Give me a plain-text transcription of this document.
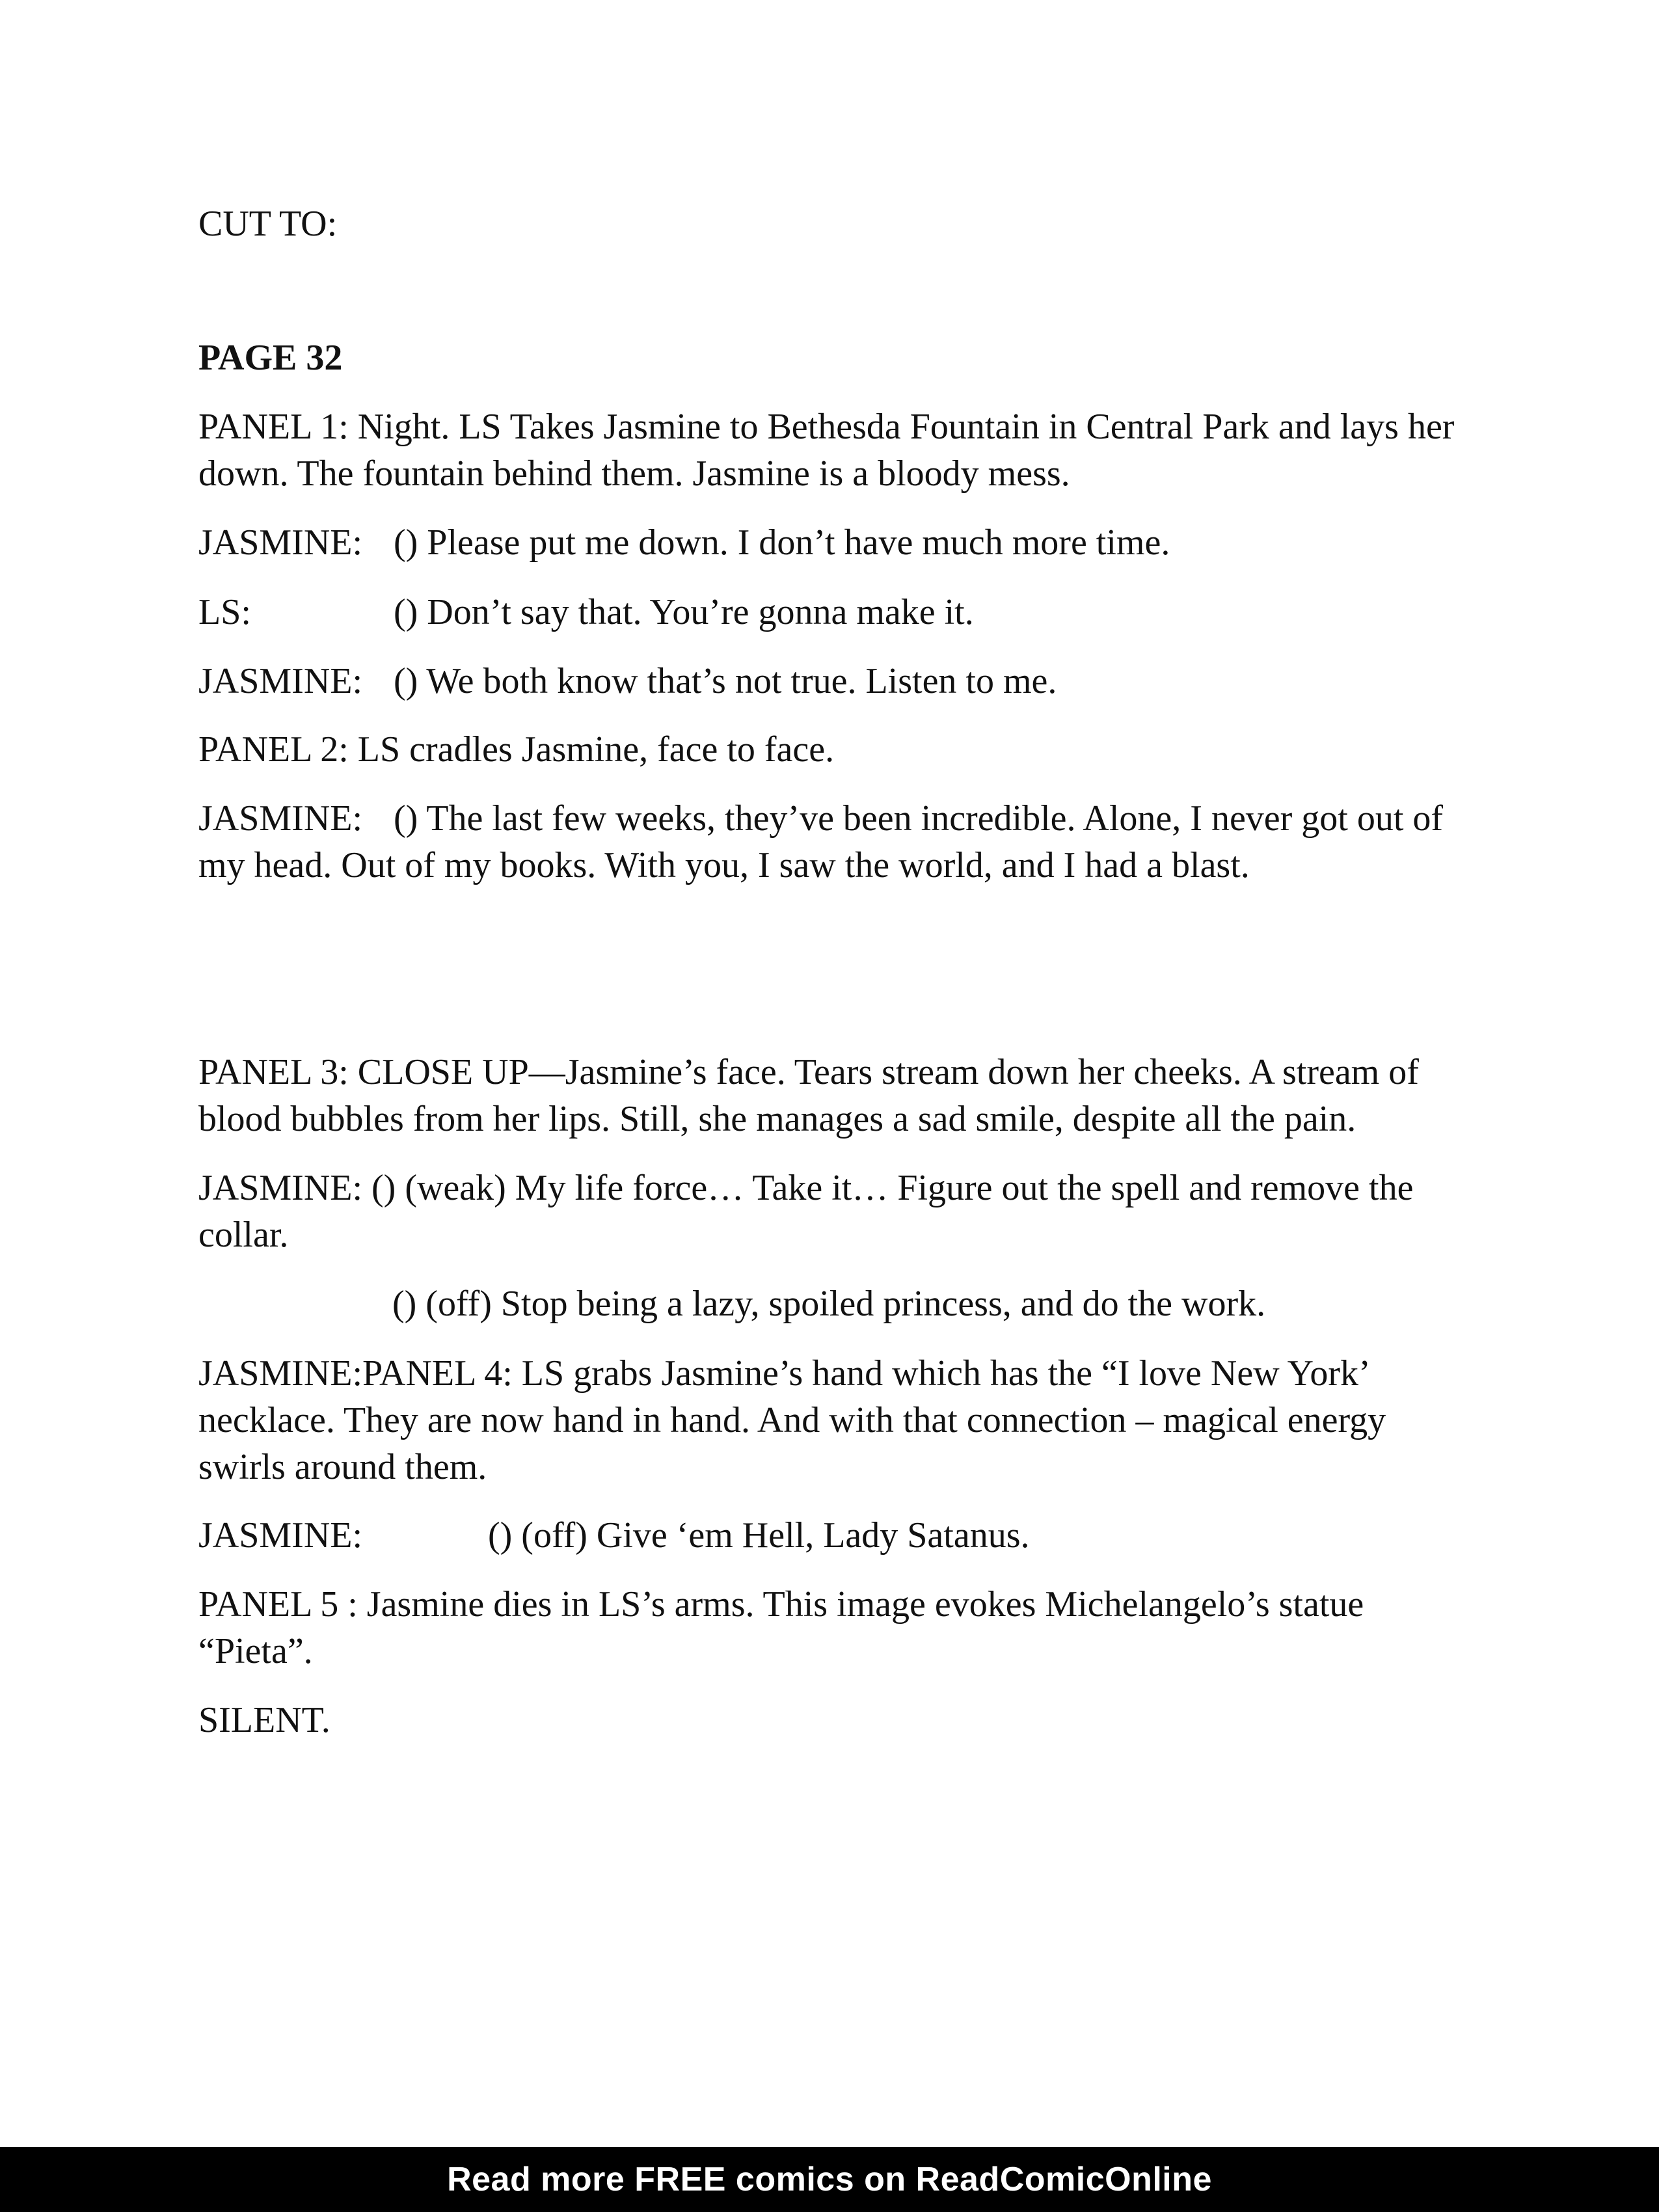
CUT TO:
PAGE 32
PANEL 1: Night. LS Takes Jasmine to Bethesda Fountain in Central Park and lays her down. The fountain behind them. Jasmine is a bloody mess.
JASMINE: () Please put me down. I don’t have much more time.
LS:	() Don’t say that. You’re gonna make it.
JASMINE: () We both know that’s not true. Listen to me.
PANEL 2: LS cradles Jasmine, face to face.
JASMINE: () The last few weeks, they’ve been incredible. Alone, I never got out of my head. Out of my books. With you, I saw the world, and I had a blast.
PANEL 3: CLOSE UP—Jasmine’s face. Tears stream down her cheeks. A stream of blood bubbles from her lips. Still, she manages a sad smile, despite all the pain.
JASMINE: () (weak) My life force… Take it… Figure out the spell and remove the collar.
() (off) Stop being a lazy, spoiled princess, and do the work.
JASMINE:PANEL 4: LS grabs Jasmine’s hand which has the “I love New York’ necklace. They are now hand in hand. And with that connection – magical energy swirls around them.
JASMINE:	() (off) Give ‘em Hell, Lady Satanus.
PANEL 5 : Jasmine dies in LS’s arms. This image evokes Michelangelo’s statue “Pieta”.
SILENT.
Read more FREE comics on ReadComicOnline
